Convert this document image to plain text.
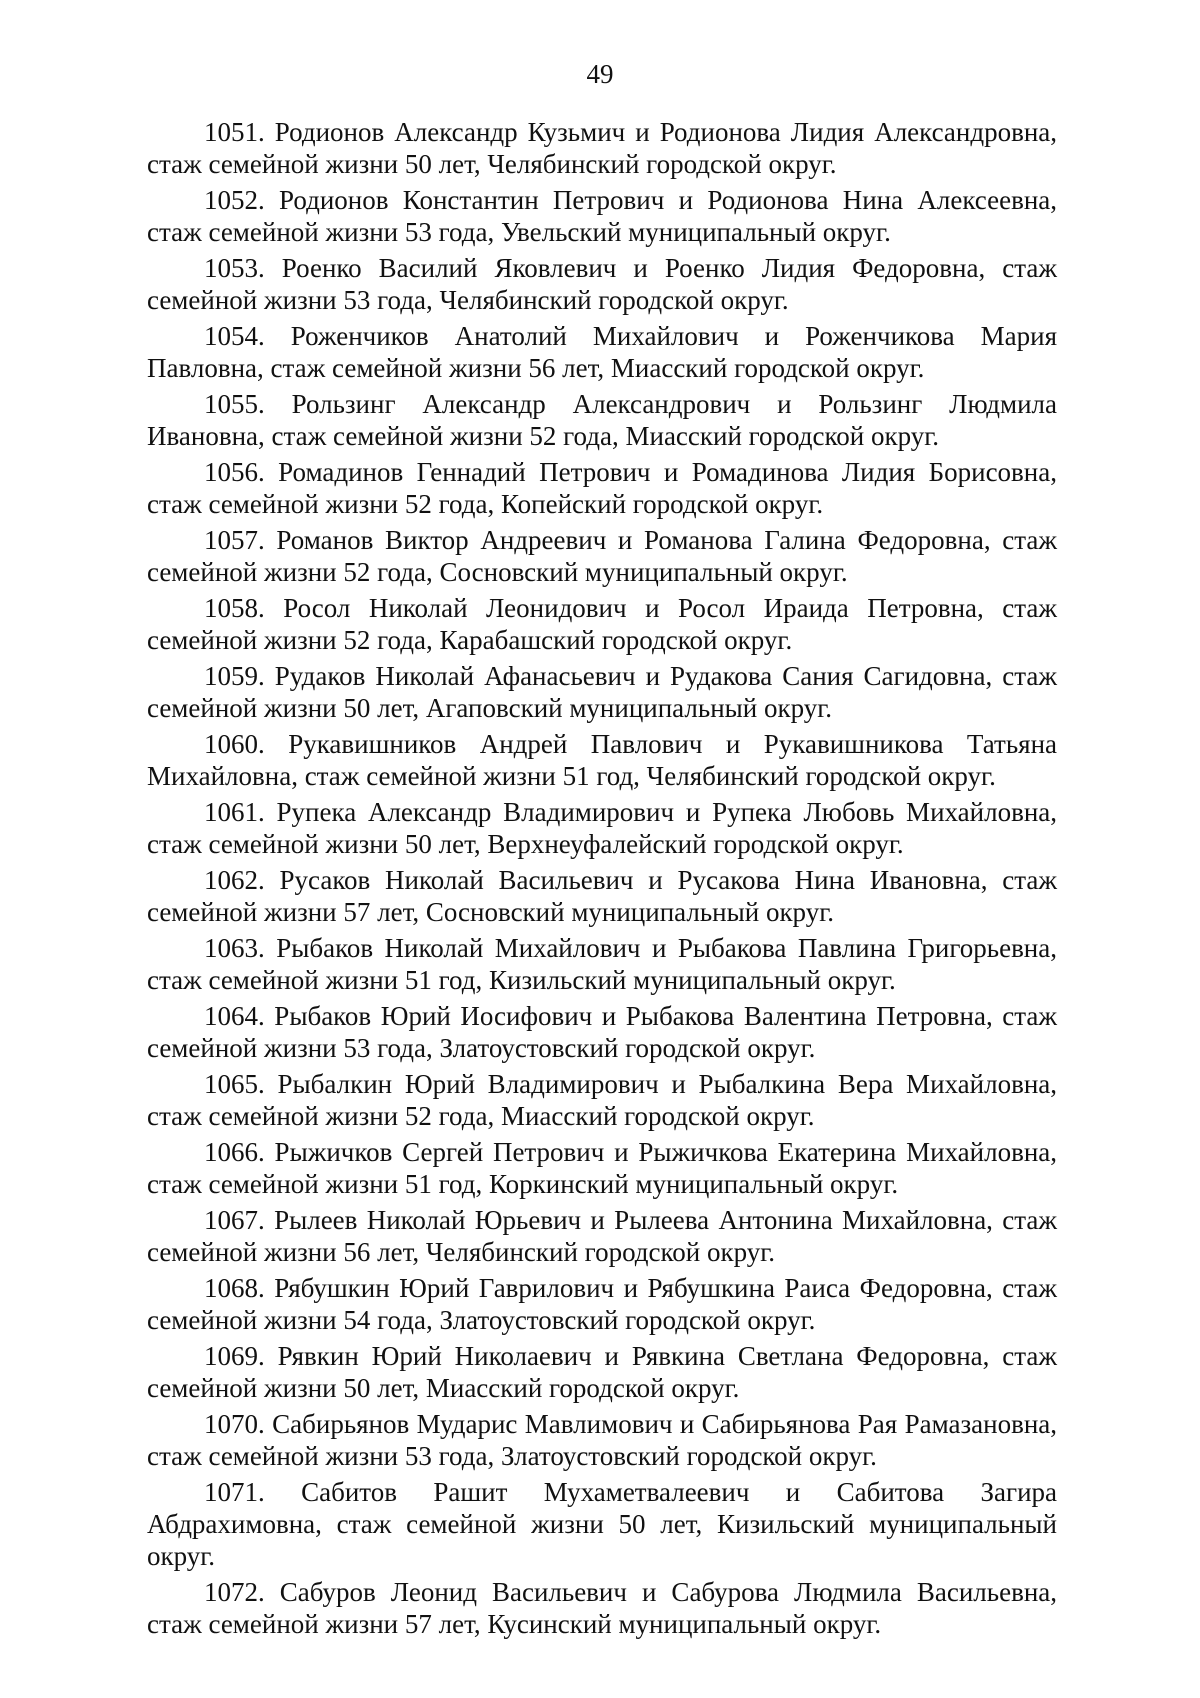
49

1051. Родионов Александр Кузьмич и Родионова Лидия Александровна, стаж семейной жизни 50 лет, Челябинский городской округ.

1052. Родионов Константин Петрович и Родионова Нина Алексеевна, стаж семейной жизни 53 года, Увельский муниципальный округ.

1053. Роенко Василий Яковлевич и Роенко Лидия Федоровна, стаж семейной жизни 53 года, Челябинский городской округ.

1054. Роженчиков Анатолий Михайлович и Роженчикова Мария Павловна, стаж семейной жизни 56 лет, Миасский городской округ.

1055. Рользинг Александр Александрович и Рользинг Людмила Ивановна, стаж семейной жизни 52 года, Миасский городской округ.

1056. Ромадинов Геннадий Петрович и Ромадинова Лидия Борисовна, стаж семейной жизни 52 года, Копейский городской округ.

1057. Романов Виктор Андреевич и Романова Галина Федоровна, стаж семейной жизни 52 года, Сосновский муниципальный округ.

1058. Росол Николай Леонидович и Росол Ираида Петровна, стаж семейной жизни 52 года, Карабашский городской округ.

1059. Рудаков Николай Афанасьевич и Рудакова Сания Сагидовна, стаж семейной жизни 50 лет, Агаповский муниципальный округ.

1060. Рукавишников Андрей Павлович и Рукавишникова Татьяна Михайловна, стаж семейной жизни 51 год, Челябинский городской округ.

1061. Рупека Александр Владимирович и Рупека Любовь Михайловна, стаж семейной жизни 50 лет, Верхнеуфалейский городской округ.

1062. Русаков Николай Васильевич и Русакова Нина Ивановна, стаж семейной жизни 57 лет, Сосновский муниципальный округ.

1063. Рыбаков Николай Михайлович и Рыбакова Павлина Григорьевна, стаж семейной жизни 51 год, Кизильский муниципальный округ.

1064. Рыбаков Юрий Иосифович и Рыбакова Валентина Петровна, стаж семейной жизни 53 года, Златоустовский городской округ.

1065. Рыбалкин Юрий Владимирович и Рыбалкина Вера Михайловна, стаж семейной жизни 52 года, Миасский городской округ.

1066. Рыжичков Сергей Петрович и Рыжичкова Екатерина Михайловна, стаж семейной жизни 51 год, Коркинский муниципальный округ.

1067. Рылеев Николай Юрьевич и Рылеева Антонина Михайловна, стаж семейной жизни 56 лет, Челябинский городской округ.

1068. Рябушкин Юрий Гаврилович и Рябушкина Раиса Федоровна, стаж семейной жизни 54 года, Златоустовский городской округ.

1069. Рявкин Юрий Николаевич и Рявкина Светлана Федоровна, стаж семейной жизни 50 лет, Миасский городской округ.

1070. Сабирьянов Мударис Мавлимович и Сабирьянова Рая Рамазановна, стаж семейной жизни 53 года, Златоустовский городской округ.

1071. Сабитов Рашит Мухаметвалеевич и Сабитова Загира Абдрахимовна, стаж семейной жизни 50 лет, Кизильский муниципальный округ.

1072. Сабуров Леонид Васильевич и Сабурова Людмила Васильевна, стаж семейной жизни 57 лет, Кусинский муниципальный округ.
